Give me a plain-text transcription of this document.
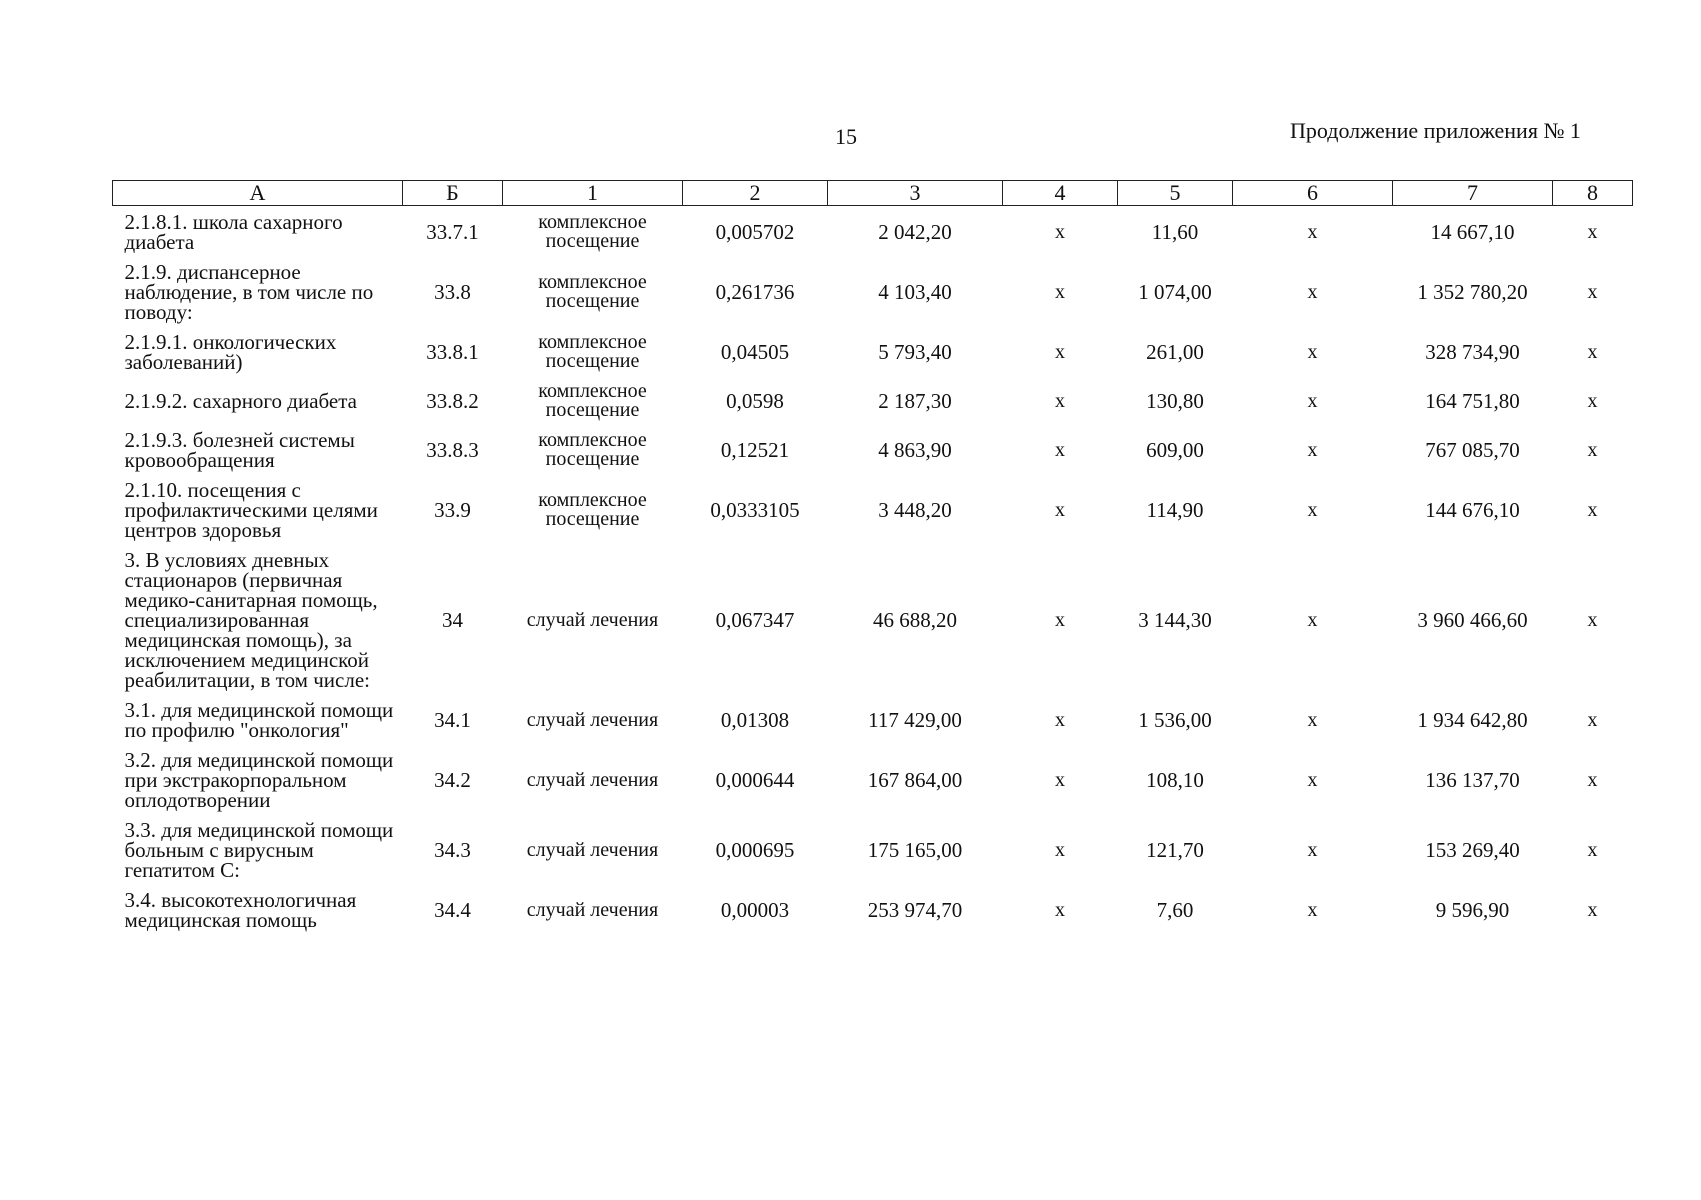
15	Продолжение приложения № 1
А	Б	1	2	3	4	5	6	7	8
2.1.8.1. школа сахарного диабета	33.7.1	комплексное посещение	0,005702	2 042,20	х	11,60	х	14 667,10	х
2.1.9. диспансерное наблюдение, в том числе по поводу:	33.8	комплексное посещение	0,261736	4 103,40	х	1 074,00	х	1 352 780,20	х
2.1.9.1. онкологических заболеваний)	33.8.1	комплексное посещение	0,04505	5 793,40	х	261,00	х	328 734,90	х
2.1.9.2. сахарного диабета	33.8.2	комплексное посещение	0,0598	2 187,30	х	130,80	х	164 751,80	х
2.1.9.3. болезней системы кровообращения	33.8.3	комплексное посещение	0,12521	4 863,90	х	609,00	х	767 085,70	х
2.1.10. посещения с профилактическими целями центров здоровья	33.9	комплексное посещение	0,0333105	3 448,20	х	114,90	х	144 676,10	х
3. В условиях дневных стационаров (первичная медико-санитарная помощь, специализированная медицинская помощь), за исключением медицинской реабилитации, в том числе:	34	случай лечения	0,067347	46 688,20	х	3 144,30	х	3 960 466,60	х
3.1. для медицинской помощи по профилю "онкология"	34.1	случай лечения	0,01308	117 429,00	х	1 536,00	х	1 934 642,80	х
3.2. для медицинской помощи при экстракорпоральном оплодотворении	34.2	случай лечения	0,000644	167 864,00	х	108,10	х	136 137,70	х
3.3. для медицинской помощи больным с вирусным гепатитом С:	34.3	случай лечения	0,000695	175 165,00	х	121,70	х	153 269,40	х
3.4. высокотехнологичная медицинская помощь	34.4	случай лечения	0,00003	253 974,70	х	7,60	х	9 596,90	х
